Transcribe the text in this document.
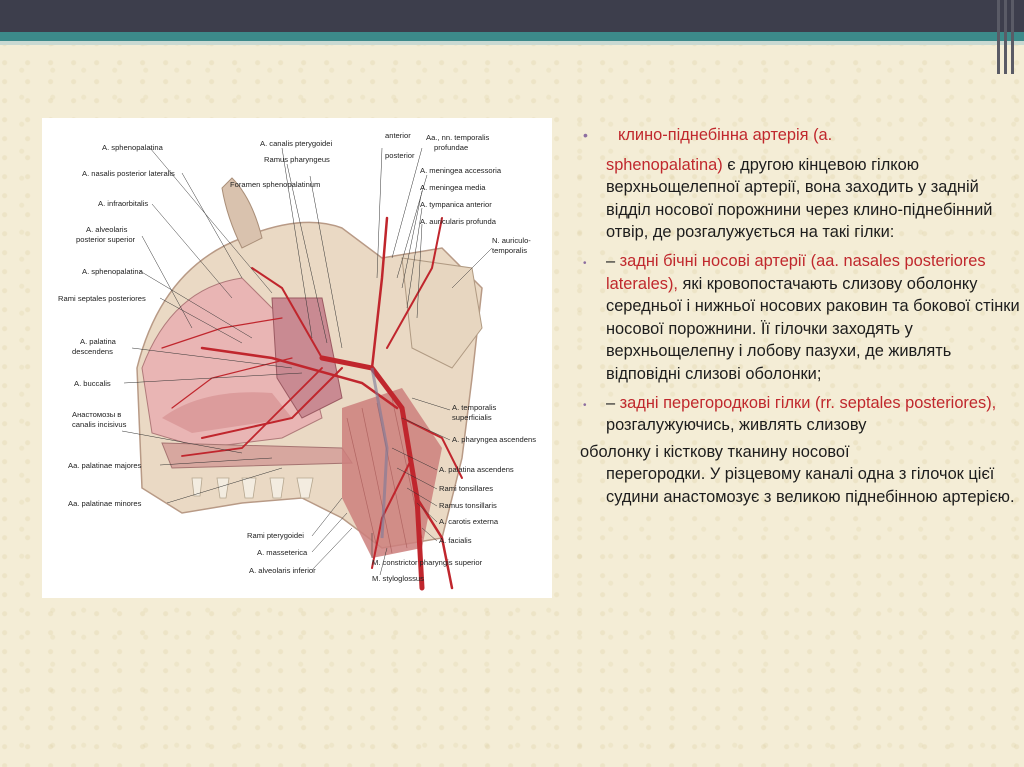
A. sphenopalatina
A. nasalis posterior lateralis
A. infraorbitalis
A. alveolaris
posterior superior
A. sphenopalatina
Rami septales posteriores
A. palatina
descendens
A. buccalis
Анастомозы в
canalis incisivus
Aa. palatinae majores
Aa. palatinae minores
A. canalis pterygoidei
Ramus pharyngeus
Foramen sphenopalatinum
anterior
posterior
Aa., nn. temporalis
profundae
A. meningea accessoria
A. meningea media
A. tympanica anterior
A. auricularis profunda
N. auriculo-
temporalis
A. temporalis
superficialis
A. pharyngea ascendens
A. palatina ascendens
Rami tonsillares
Ramus tonsillaris
A. carotis externa
A. facialis
M. constrictor pharyngis superior
M. styloglossus
Rami pterygoidei
A. masseterica
A. alveolaris inferior
•	клино-піднебінна артерія (a.
sphenopalatina) є другою кінцевою гілкою верхньощелепної артерії, вона заходить у задній відділ носової порожнини через клино-піднебінний отвір, де розгалужується на такі гілки:
•	– задні бічні носові артерії (аа. nasales posteriores laterales), які кровопостачають слизову оболонку середньої і нижньої носових раковин та бокової стінки носової порожнини. Її гілочки заходять у верхньощелепну і лобову пазухи, де живлять відповідні слизові оболонки;
•	– задні перегородкові гілки (rr. septales posteriores),
розгалужуючись, живлять слизову
оболонку і кісткову тканину носової
перегородки. У різцевому каналі одна з гілочок цієї судини анастомозує з великою піднебінною артерією.
